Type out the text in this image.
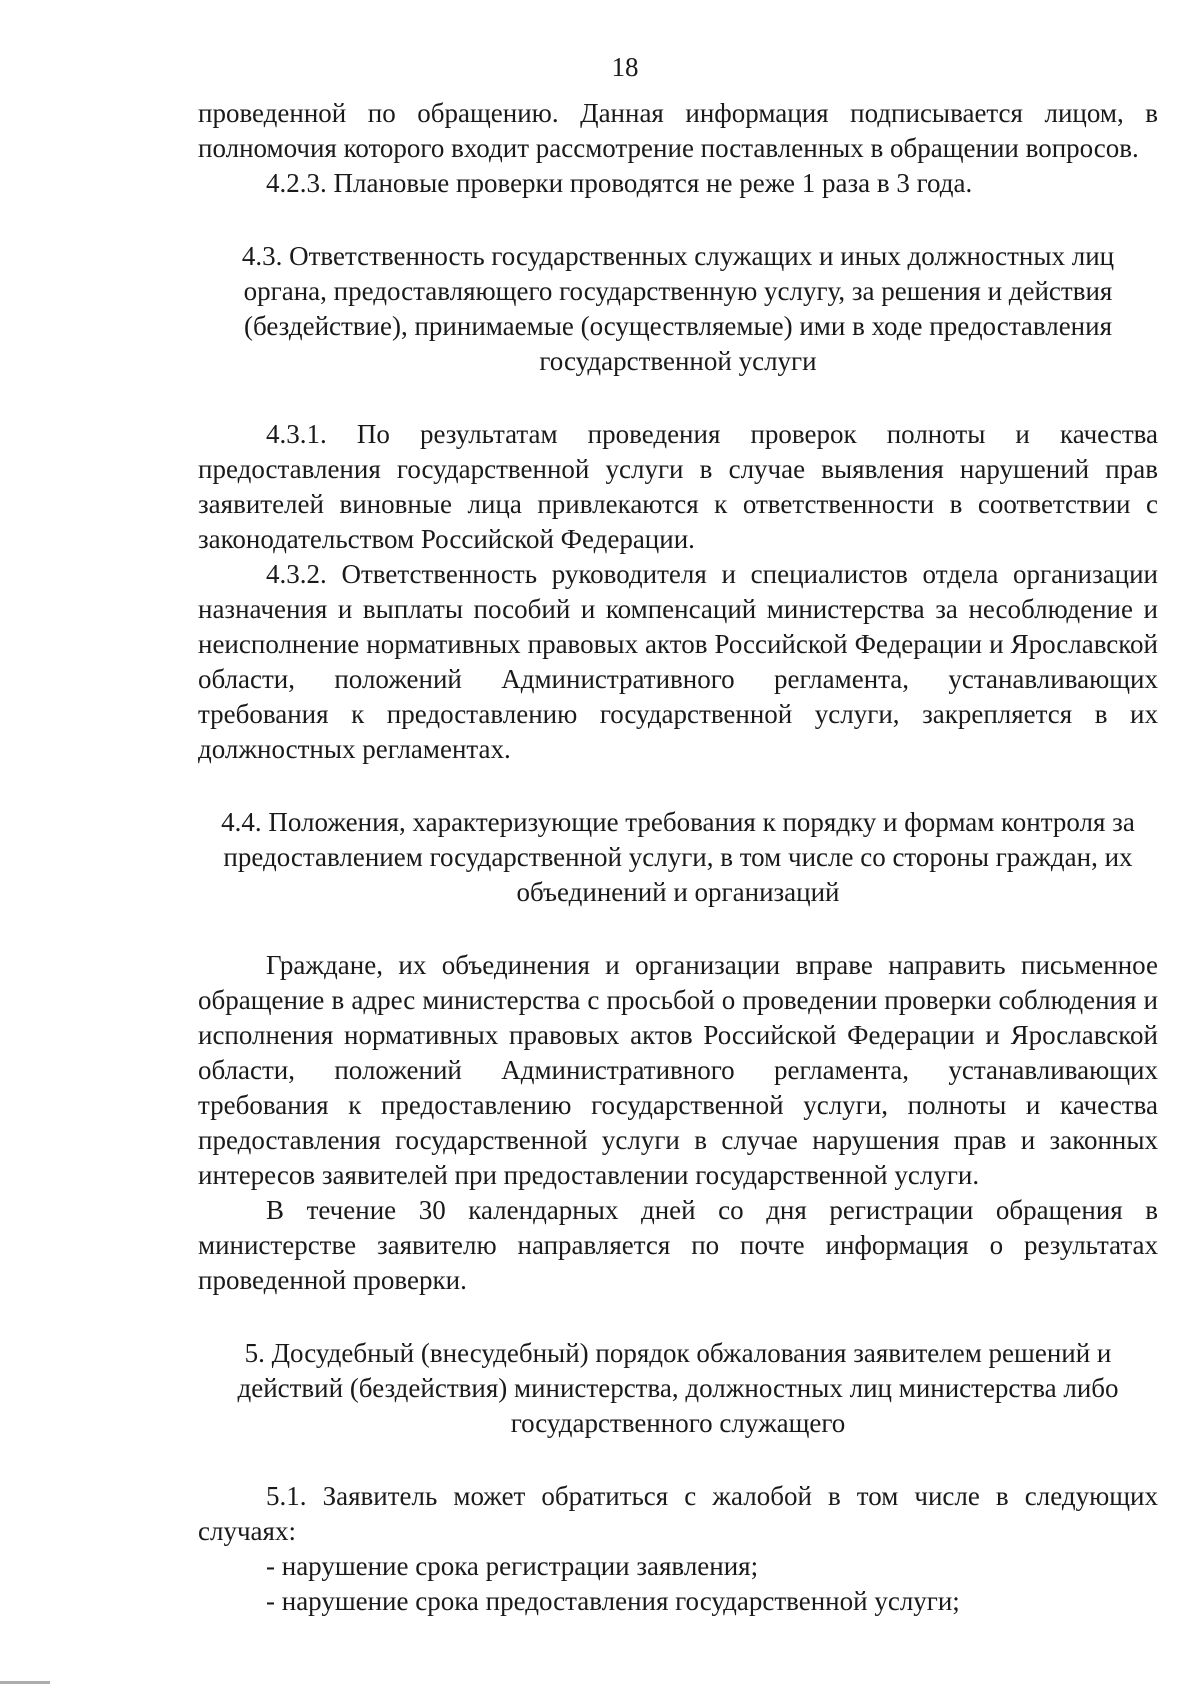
18

проведенной по обращению. Данная информация подписывается лицом, в полномочия которого входит рассмотрение поставленных в обращении вопросов.

4.2.3. Плановые проверки проводятся не реже 1 раза в 3 года.

4.3. Ответственность государственных служащих и иных должностных лиц органа, предоставляющего государственную услугу, за решения и действия (бездействие), принимаемые (осуществляемые) ими в ходе предоставления государственной услуги

4.3.1. По результатам проведения проверок полноты и качества предоставления государственной услуги в случае выявления нарушений прав заявителей виновные лица привлекаются к ответственности в соответствии с законодательством Российской Федерации.

4.3.2. Ответственность руководителя и специалистов отдела организации назначения и выплаты пособий и компенсаций министерства за несоблюдение и неисполнение нормативных правовых актов Российской Федерации и Ярославской области, положений Административного регламента, устанавливающих требования к предоставлению государственной услуги, закрепляется в их должностных регламентах.

4.4. Положения, характеризующие требования к порядку и формам контроля за предоставлением государственной услуги, в том числе со стороны граждан, их объединений и организаций

Граждане, их объединения и организации вправе направить письменное обращение в адрес министерства с просьбой о проведении проверки соблюдения и исполнения нормативных правовых актов Российской Федерации и Ярославской области, положений Административного регламента, устанавливающих требования к предоставлению государственной услуги, полноты и качества предоставления государственной услуги в случае нарушения прав и законных интересов заявителей при предоставлении государственной услуги.

В течение 30 календарных дней со дня регистрации обращения в министерстве заявителю направляется по почте информация о результатах проведенной проверки.

5. Досудебный (внесудебный) порядок обжалования заявителем решений и действий (бездействия) министерства, должностных лиц министерства либо государственного служащего

5.1. Заявитель может обратиться с жалобой в том числе в следующих случаях:

- нарушение срока регистрации заявления;

- нарушение срока предоставления государственной услуги;
